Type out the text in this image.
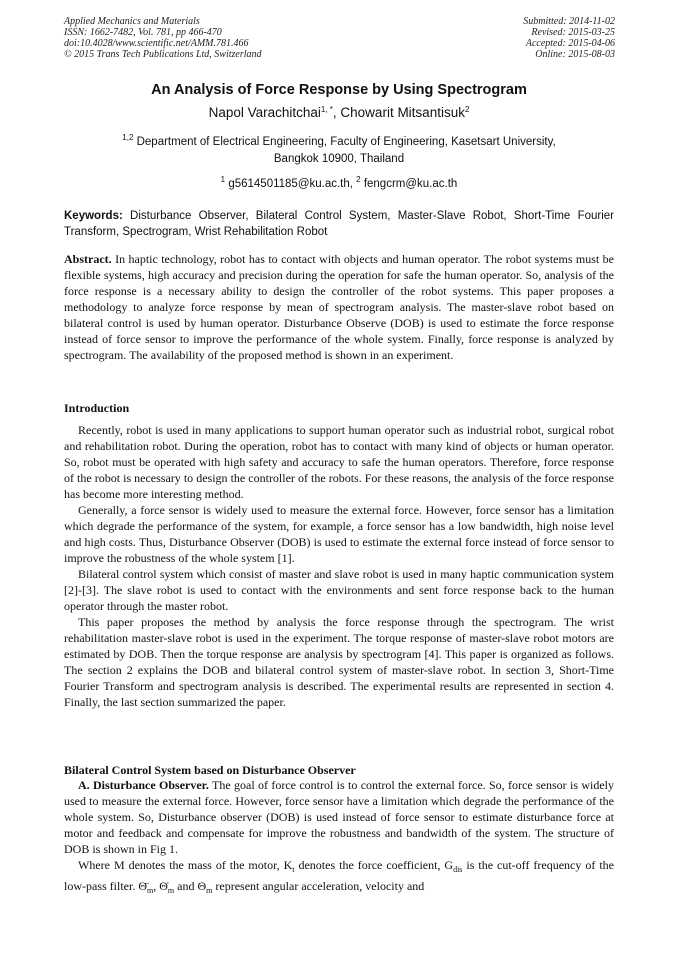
Applied Mechanics and Materials
ISSN: 1662-7482, Vol. 781, pp 466-470
doi:10.4028/www.scientific.net/AMM.781.466
© 2015 Trans Tech Publications Ltd, Switzerland
Submitted: 2014-11-02
Revised: 2015-03-25
Accepted: 2015-04-06
Online: 2015-08-03
An Analysis of Force Response by Using Spectrogram
Napol Varachitchai$^{1, *}$, Chowarit Mitsantisuk$^2$
$^{1,2}$ Department of Electrical Engineering, Faculty of Engineering, Kasetsart University,
Bangkok 10900, Thailand
$^1$ g5614501185@ku.ac.th, $^2$ fengcrm@ku.ac.th
Keywords: Disturbance Observer, Bilateral Control System, Master-Slave Robot, Short-Time Fourier Transform, Spectrogram, Wrist Rehabilitation Robot

Abstract. In haptic technology, robot has to contact with objects and human operator. The robot systems must be flexible systems, high accuracy and precision during the operation for safe the human operator. So, analysis of the force response is a necessary ability to design the controller of the robot systems. This paper proposes a methodology to analyze force response by mean of spectrogram analysis. The master-slave robot based on bilateral control is used by human operator. Disturbance Observe (DOB) is used to estimate the force response instead of force sensor to improve the performance of the whole system. Finally, force response is analyzed by spectrogram. The availability of the proposed method is shown in an experiment.

Introduction

Recently, robot is used in many applications to support human operator such as industrial robot, surgical robot and rehabilitation robot. During the operation, robot has to contact with many kind of objects or human operator. So, robot must be operated with high safety and accuracy to safe the human operators. Therefore, force response of the robot is necessary to design the controller of the robots. For these reasons, the analysis of the force response has become more interesting method.

Generally, a force sensor is widely used to measure the external force. However, force sensor has a limitation which degrade the performance of the system, for example, a force sensor has a low bandwidth, high noise level and high costs. Thus, Disturbance Observer (DOB) is used to estimate the external force instead of force sensor to improve the robustness of the whole system [1].

Bilateral control system which consist of master and slave robot is used in many haptic communication system [2]-[3]. The slave robot is used to contact with the environments and sent force response back to the human operator through the master robot.

This paper proposes the method by analysis the force response through the spectrogram. The wrist rehabilitation master-slave robot is used in the experiment. The torque response of master-slave robot motors are estimated by DOB. Then the torque response are analysis by spectrogram [4]. This paper is organized as follows. The section 2 explains the DOB and bilateral control system of master-slave robot. In section 3, Short-Time Fourier Transform and spectrogram analysis is described. The experimental results are represented in section 4. Finally, the last section summarized the paper.

Bilateral Control System based on Disturbance Observer

A. Disturbance Observer. The goal of force control is to control the external force. So, force sensor is widely used to measure the external force. However, force sensor have a limitation which degrade the performance of the whole system. So, Disturbance observer (DOB) is used instead of force sensor to estimate disturbance force at motor and feedback and compensate for improve the robustness and bandwidth of the system. The structure of DOB is shown in Fig 1.

Where M denotes the mass of the motor, $K_t$ denotes the force coefficient, $G_{dis}$ is the cut-off frequency of the low-pass filter. $\Thetä_m$, $\Thetȧ_m$ and $\Theta_m$ represent angular acceleration, velocity and
